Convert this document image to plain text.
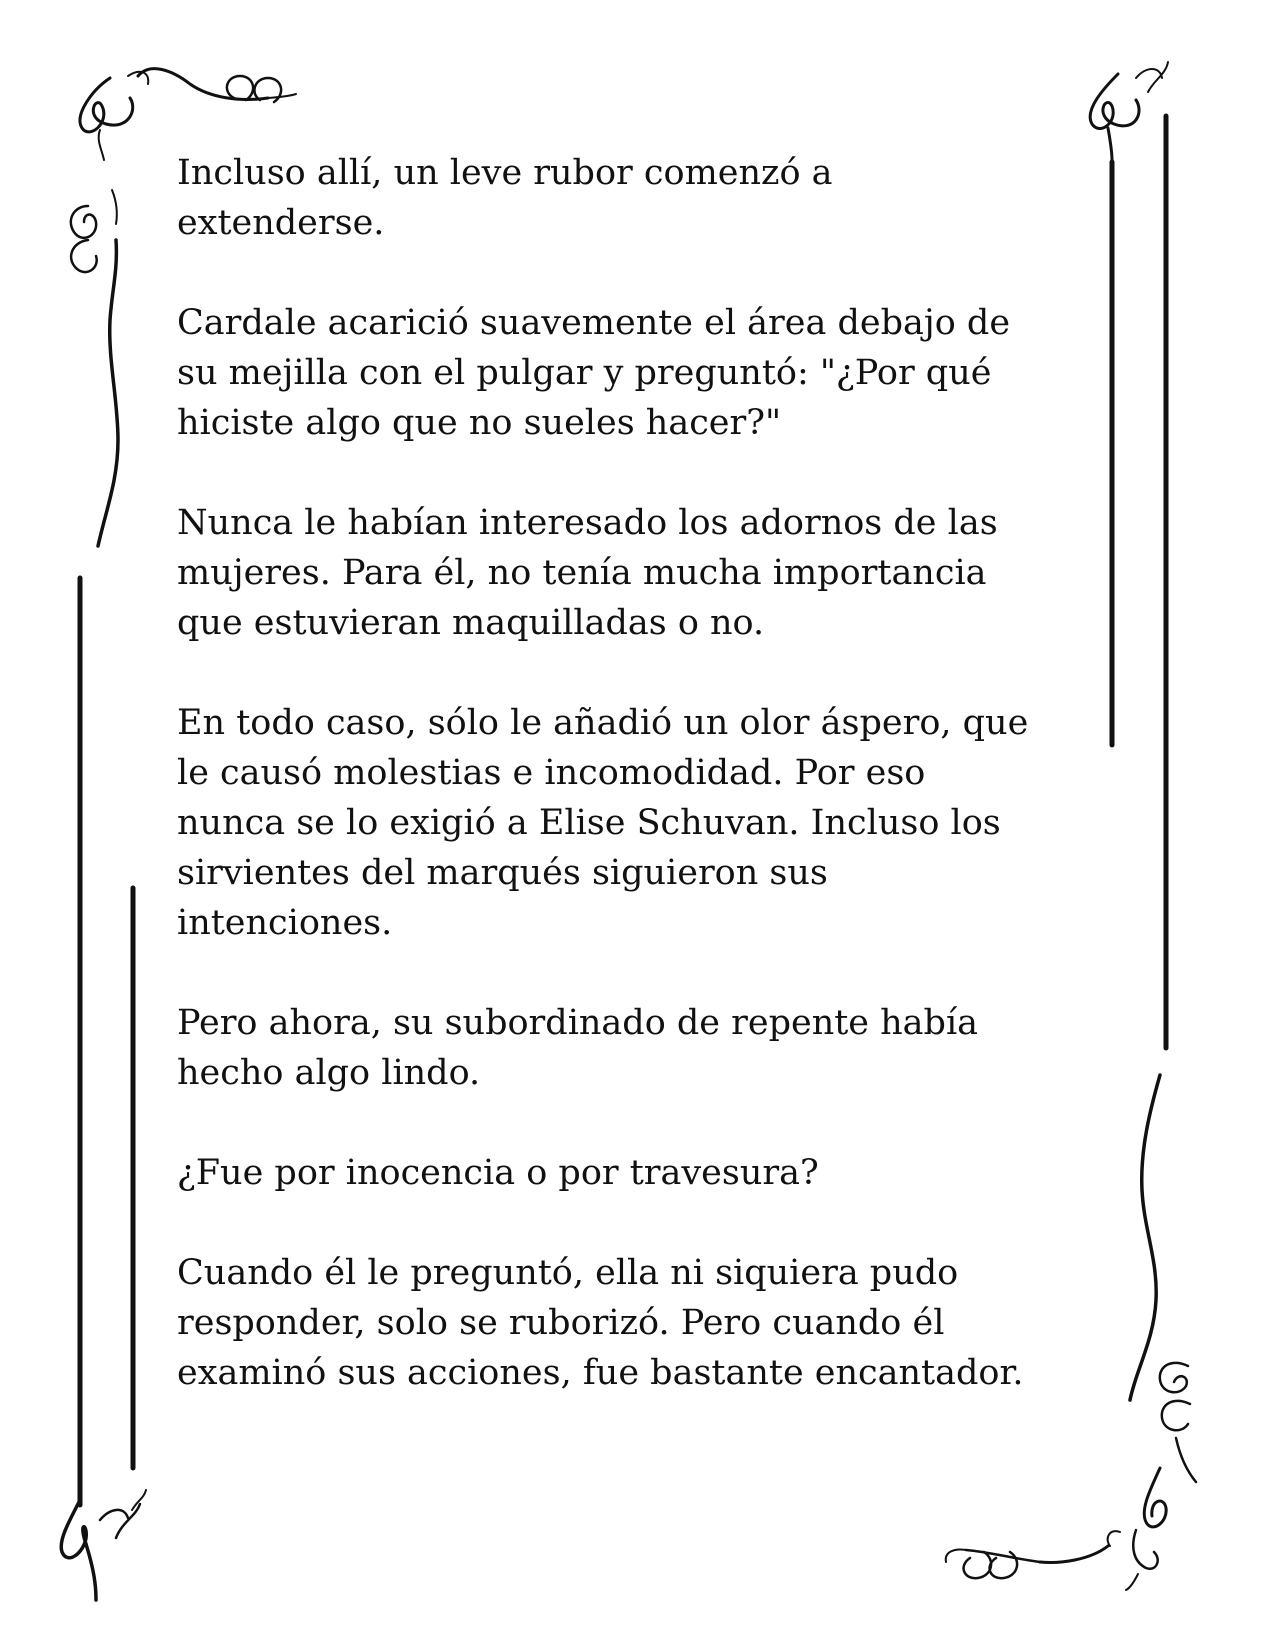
Incluso allí, un leve rubor comenzó a
extenderse.

Cardale acarició suavemente el área debajo de
su mejilla con el pulgar y preguntó: "¿Por qué
hiciste algo que no sueles hacer?"

Nunca le habían interesado los adornos de las
mujeres. Para él, no tenía mucha importancia
que estuvieran maquilladas o no.

En todo caso, sólo le añadió un olor áspero, que
le causó molestias e incomodidad. Por eso
nunca se lo exigió a Elise Schuvan. Incluso los
sirvientes del marqués siguieron sus
intenciones.

Pero ahora, su subordinado de repente había
hecho algo lindo.

¿Fue por inocencia o por travesura?

Cuando él le preguntó, ella ni siquiera pudo
responder, solo se ruborizó. Pero cuando él
examinó sus acciones, fue bastante encantador.
